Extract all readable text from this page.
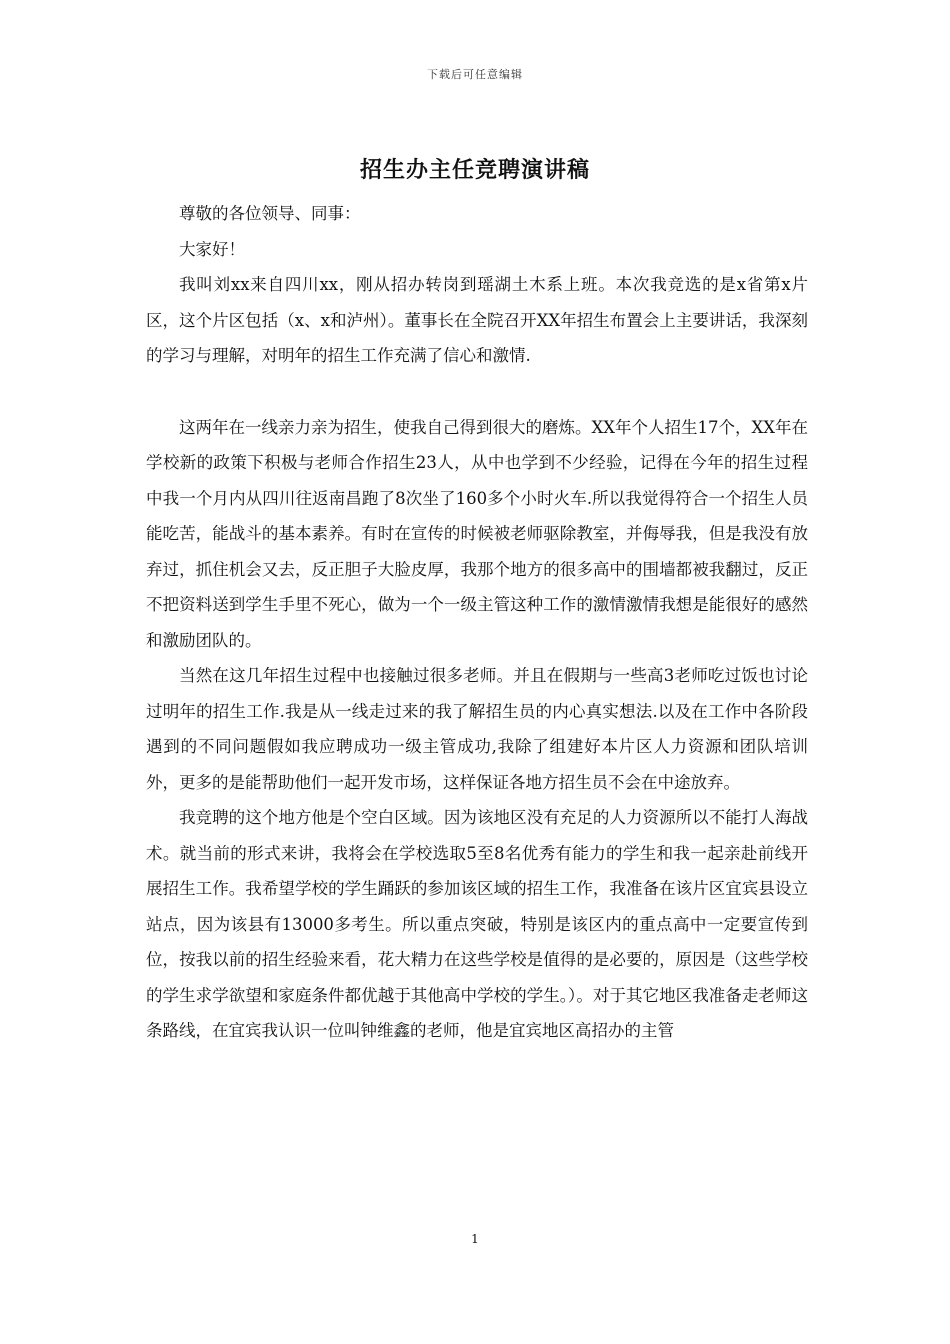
下载后可任意编辑
招生办主任竞聘演讲稿

尊敬的各位领导、同事：

大家好！

我叫刘xx来自四川xx，刚从招办转岗到瑶湖土木系上班。本次我竞选的是x省第x片区，这个片区包括（x、x和泸州）。董事长在全院召开XX年招生布置会上主要讲话，我深刻的学习与理解，对明年的招生工作充满了信心和激情.

这两年在一线亲力亲为招生，使我自己得到很大的磨炼。XX年个人招生17个，XX年在学校新的政策下积极与老师合作招生23人，从中也学到不少经验，记得在今年的招生过程中我一个月内从四川往返南昌跑了8次坐了160多个小时火车.所以我觉得符合一个招生人员能吃苦，能战斗的基本素养。有时在宣传的时候被老师驱除教室，并侮辱我，但是我没有放弃过，抓住机会又去，反正胆子大脸皮厚，我那个地方的很多高中的围墙都被我翻过，反正不把资料送到学生手里不死心，做为一个一级主管这种工作的激情激情我想是能很好的感然和激励团队的。

当然在这几年招生过程中也接触过很多老师。并且在假期与一些高3老师吃过饭也讨论过明年的招生工作.我是从一线走过来的我了解招生员的内心真实想法.以及在工作中各阶段遇到的不同问题假如我应聘成功一级主管成功,我除了组建好本片区人力资源和团队培训外，更多的是能帮助他们一起开发市场，这样保证各地方招生员不会在中途放弃。

我竞聘的这个地方他是个空白区域。因为该地区没有充足的人力资源所以不能打人海战术。就当前的形式来讲，我将会在学校选取5至8名优秀有能力的学生和我一起亲赴前线开展招生工作。我希望学校的学生踊跃的参加该区域的招生工作，我准备在该片区宜宾县设立站点，因为该县有13000多考生。所以重点突破，特别是该区内的重点高中一定要宣传到位，按我以前的招生经验来看，花大精力在这些学校是值得的是必要的，原因是（这些学校的学生求学欲望和家庭条件都优越于其他高中学校的学生。）。对于其它地区我准备走老师这条路线，在宜宾我认识一位叫钟维鑫的老师，他是宜宾地区高招办的主管

1
